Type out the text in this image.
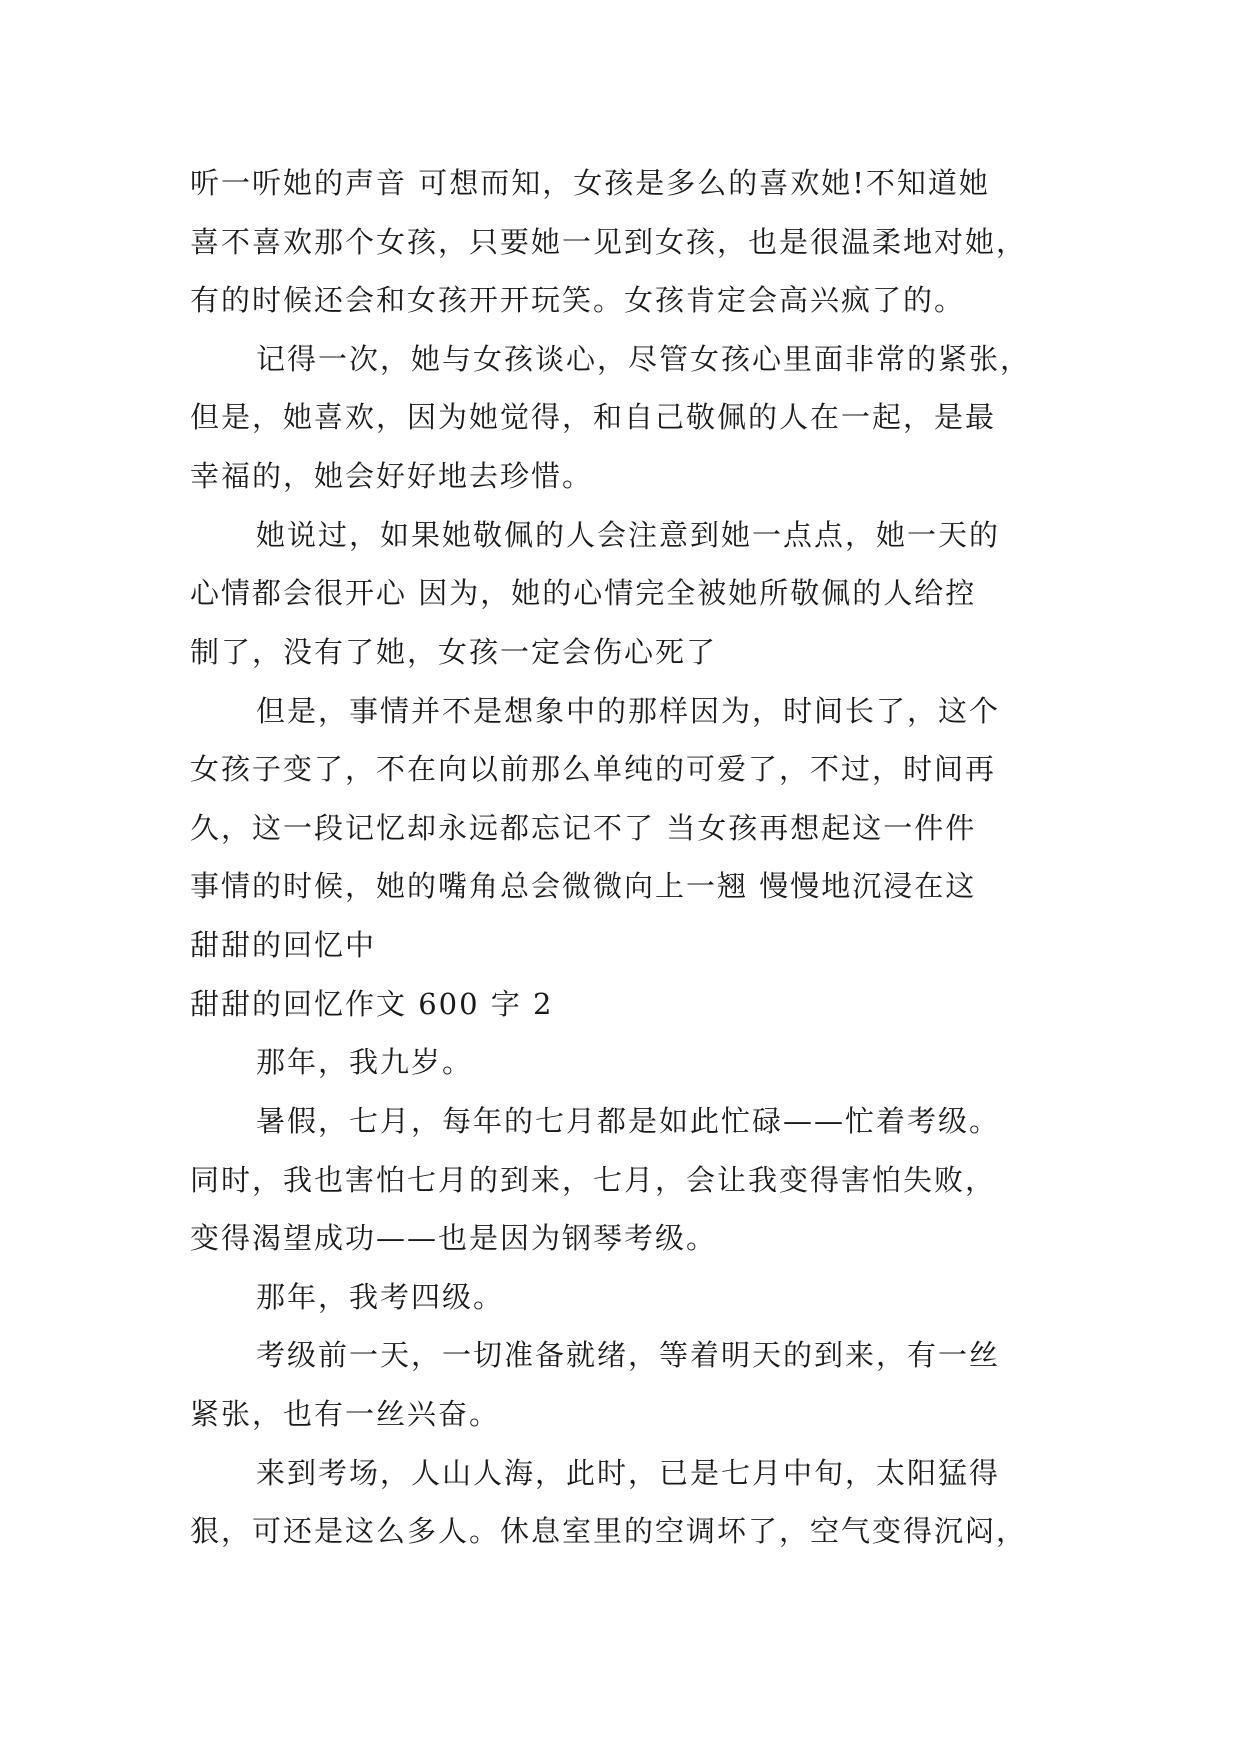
听一听她的声音 可想而知，女孩是多么的喜欢她!不知道她
喜不喜欢那个女孩，只要她一见到女孩，也是很温柔地对她，
有的时候还会和女孩开开玩笑。女孩肯定会高兴疯了的。
记得一次，她与女孩谈心，尽管女孩心里面非常的紧张，
但是，她喜欢，因为她觉得，和自己敬佩的人在一起，是最
幸福的，她会好好地去珍惜。
她说过，如果她敬佩的人会注意到她一点点，她一天的
心情都会很开心 因为，她的心情完全被她所敬佩的人给控
制了，没有了她，女孩一定会伤心死了
但是，事情并不是想象中的那样因为，时间长了，这个
女孩子变了，不在向以前那么单纯的可爱了，不过，时间再
久，这一段记忆却永远都忘记不了 当女孩再想起这一件件
事情的时候，她的嘴角总会微微向上一翘 慢慢地沉浸在这
甜甜的回忆中
甜甜的回忆作文 600 字 2
那年，我九岁。
暑假，七月，每年的七月都是如此忙碌——忙着考级。
同时，我也害怕七月的到来，七月，会让我变得害怕失败，
变得渴望成功——也是因为钢琴考级。
那年，我考四级。
考级前一天，一切准备就绪，等着明天的到来，有一丝
紧张，也有一丝兴奋。
来到考场，人山人海，此时，已是七月中旬，太阳猛得
狠，可还是这么多人。休息室里的空调坏了，空气变得沉闷，
